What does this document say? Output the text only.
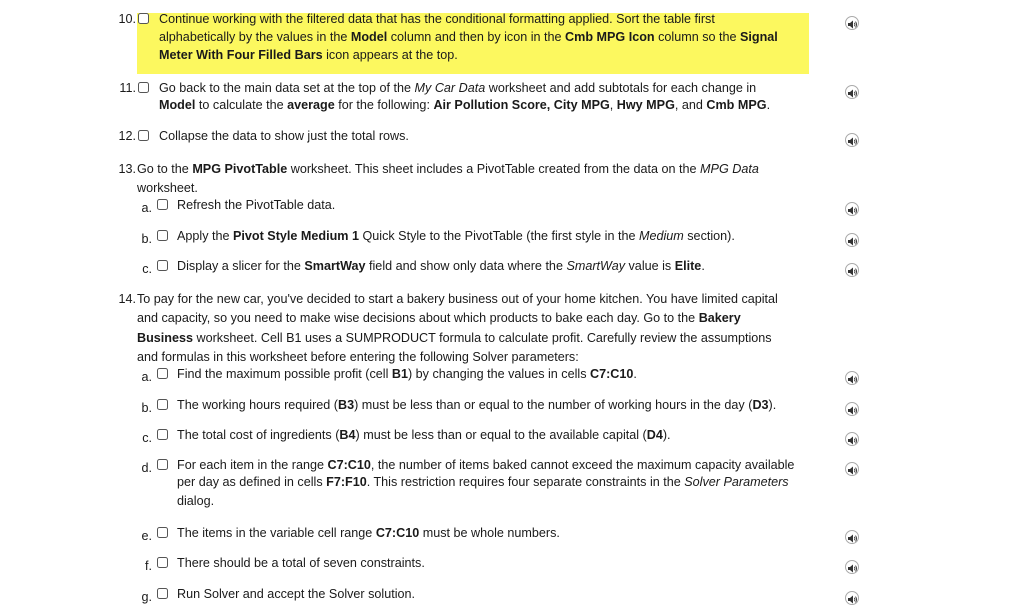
10. Continue working with the filtered data that has the conditional formatting applied. Sort the table first
alphabetically by the values in the Model column and then by icon in the Cmb MPG Icon column so the Signal
Meter With Four Filled Bars icon appears at the top.
11. Go back to the main data set at the top of the My Car Data worksheet and add subtotals for each change in
Model to calculate the average for the following: Air Pollution Score, City MPG, Hwy MPG, and Cmb MPG.
12. Collapse the data to show just the total rows.
13. Go to the MPG PivotTable worksheet. This sheet includes a PivotTable created from the data on the MPG Data
worksheet.
a. Refresh the PivotTable data.
b. Apply the Pivot Style Medium 1 Quick Style to the PivotTable (the first style in the Medium section).
c. Display a slicer for the SmartWay field and show only data where the SmartWay value is Elite.
14. To pay for the new car, you've decided to start a bakery business out of your home kitchen. You have limited capital
and capacity, so you need to make wise decisions about which products to bake each day. Go to the Bakery
Business worksheet. Cell B1 uses a SUMPRODUCT formula to calculate profit. Carefully review the assumptions
and formulas in this worksheet before entering the following Solver parameters:
a. Find the maximum possible profit (cell B1) by changing the values in cells C7:C10.
b. The working hours required (B3) must be less than or equal to the number of working hours in the day (D3).
c. The total cost of ingredients (B4) must be less than or equal to the available capital (D4).
d. For each item in the range C7:C10, the number of items baked cannot exceed the maximum capacity available
per day as defined in cells F7:F10. This restriction requires four separate constraints in the Solver Parameters
dialog.
e. The items in the variable cell range C7:C10 must be whole numbers.
f. There should be a total of seven constraints.
g. Run Solver and accept the Solver solution.
